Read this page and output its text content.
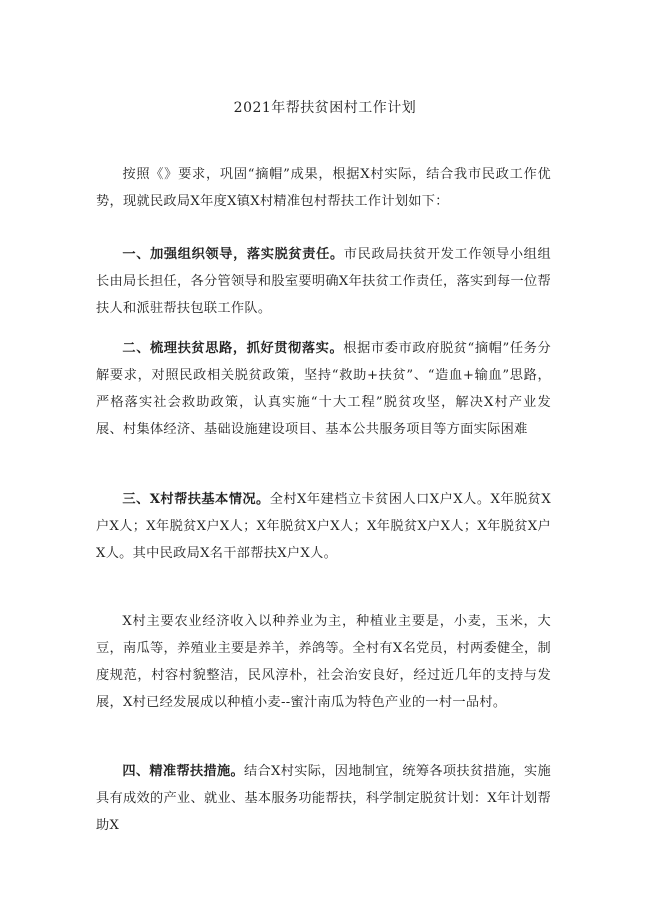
2021年帮扶贫困村工作计划

按照《》要求，巩固“摘帽”成果，根据X村实际，结合我市民政工作优势，现就民政局X年度X镇X村精准包村帮扶工作计划如下：

一、加强组织领导，落实脱贫责任。市民政局扶贫开发工作领导小组组长由局长担任，各分管领导和股室要明确X年扶贫工作责任，落实到每一位帮扶人和派驻帮扶包联工作队。

二、梳理扶贫思路，抓好贯彻落实。根据市委市政府脱贫“摘帽”任务分解要求，对照民政相关脱贫政策，坚持“救助+扶贫”、“造血+输血”思路，严格落实社会救助政策，认真实施“十大工程”脱贫攻坚，解决X村产业发展、村集体经济、基础设施建设项目、基本公共服务项目等方面实际困难

三、X村帮扶基本情况。全村X年建档立卡贫困人口X户X人。X年脱贫X户X人；X年脱贫X户X人；X年脱贫X户X人；X年脱贫X户X人；X年脱贫X户X人。其中民政局X名干部帮扶X户X人。

X村主要农业经济收入以种养业为主，种植业主要是，小麦，玉米，大豆，南瓜等，养殖业主要是养羊，养鸽等。全村有X名党员，村两委健全，制度规范，村容村貌整洁，民风淳朴，社会治安良好，经过近几年的支持与发展，X村已经发展成以种植小麦--蜜汁南瓜为特色产业的一村一品村。

四、精准帮扶措施。结合X村实际，因地制宜，统筹各项扶贫措施，实施具有成效的产业、就业、基本服务功能帮扶，科学制定脱贫计划：X年计划帮助X
